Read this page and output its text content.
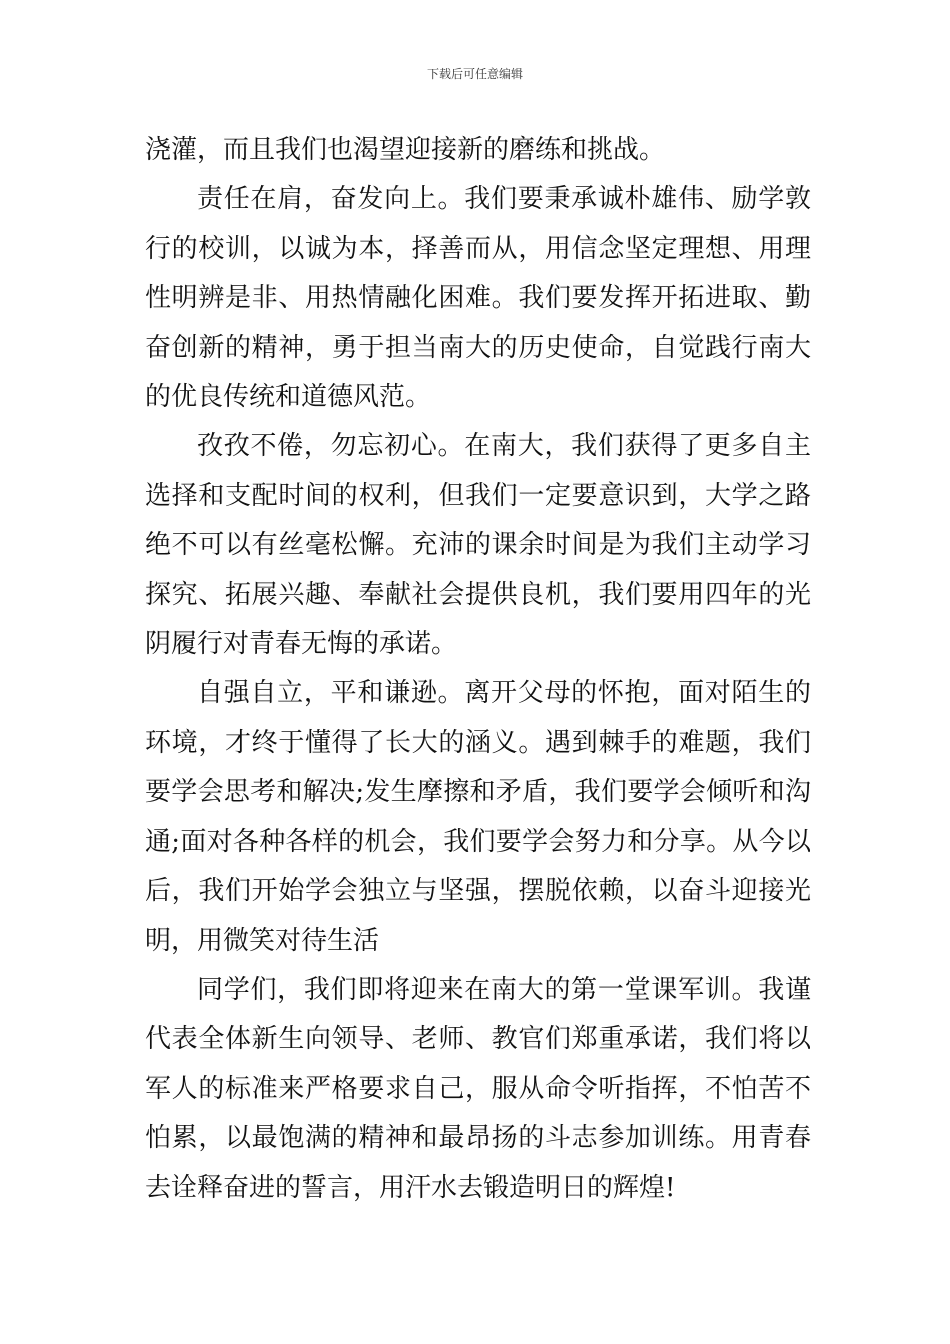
下载后可任意编辑

浇灌，而且我们也渴望迎接新的磨练和挑战。

责任在肩，奋发向上。我们要秉承诚朴雄伟、励学敦行的校训，以诚为本，择善而从，用信念坚定理想、用理性明辨是非、用热情融化困难。我们要发挥开拓进取、勤奋创新的精神，勇于担当南大的历史使命，自觉践行南大的优良传统和道德风范。

孜孜不倦，勿忘初心。在南大，我们获得了更多自主选择和支配时间的权利，但我们一定要意识到，大学之路绝不可以有丝毫松懈。充沛的课余时间是为我们主动学习探究、拓展兴趣、奉献社会提供良机，我们要用四年的光阴履行对青春无悔的承诺。

自强自立，平和谦逊。离开父母的怀抱，面对陌生的环境，才终于懂得了长大的涵义。遇到棘手的难题，我们要学会思考和解决;发生摩擦和矛盾，我们要学会倾听和沟通;面对各种各样的机会，我们要学会努力和分享。从今以后，我们开始学会独立与坚强，摆脱依赖，以奋斗迎接光明，用微笑对待生活

同学们，我们即将迎来在南大的第一堂课军训。我谨代表全体新生向领导、老师、教官们郑重承诺，我们将以军人的标准来严格要求自己，服从命令听指挥，不怕苦不怕累，以最饱满的精神和最昂扬的斗志参加训练。用青春去诠释奋进的誓言，用汗水去锻造明日的辉煌!
